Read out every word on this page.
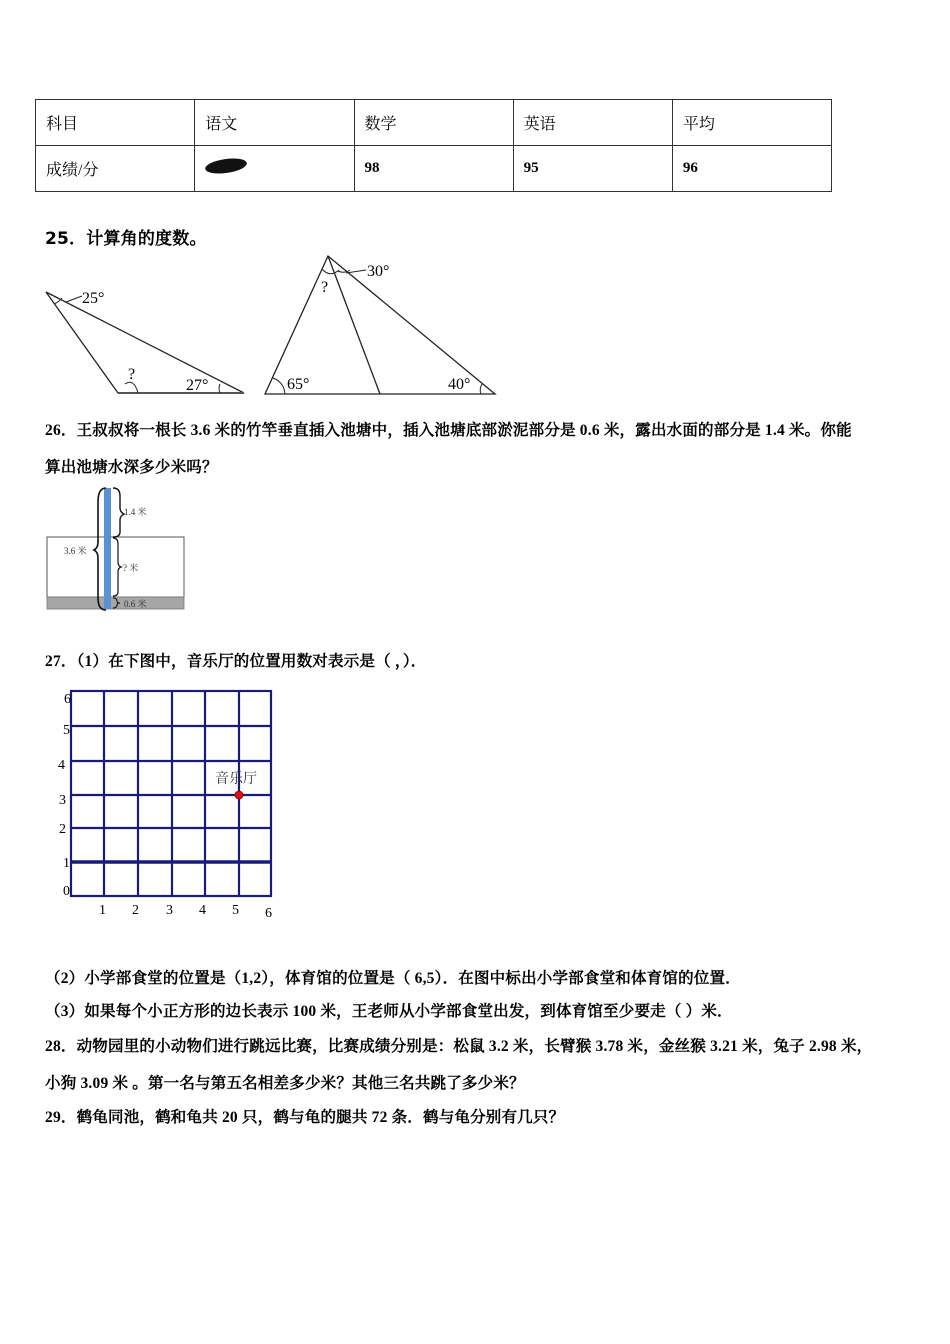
科目	语文	数学	英语	平均
成绩/分		98	95	96
25．计算角的度数。
25°
?
27°
30°
?
65°	40°
26．王叔叔将一根长 3.6 米的竹竿垂直插入池塘中，插入池塘底部淤泥部分是 0.6 米，露出水面的部分是 1.4 米。你能
算出池塘水深多少米吗？
1.4 米
3.6 米
? 米
0.6 米
27．（1）在下图中，音乐厅的位置用数对表示是（ ，）．
0
1
2
3
4
5
6
1 2 3 4 5 6
音乐厅
（2）小学部食堂的位置是（1,2），体育馆的位置是（ 6,5）．在图中标出小学部食堂和体育馆的位置．
（3）如果每个小正方形的边长表示 100 米，王老师从小学部食堂出发，到体育馆至少要走（ ）米．
28．动物园里的小动物们进行跳远比赛，比赛成绩分别是：松鼠 3.2 米，长臂猴 3.78 米，金丝猴 3.21 米，兔子 2.98 米，
小狗 3.09 米 。第一名与第五名相差多少米？其他三名共跳了多少米？
29．鹤龟同池，鹤和龟共 20 只，鹤与龟的腿共 72 条．鹤与龟分别有几只？
